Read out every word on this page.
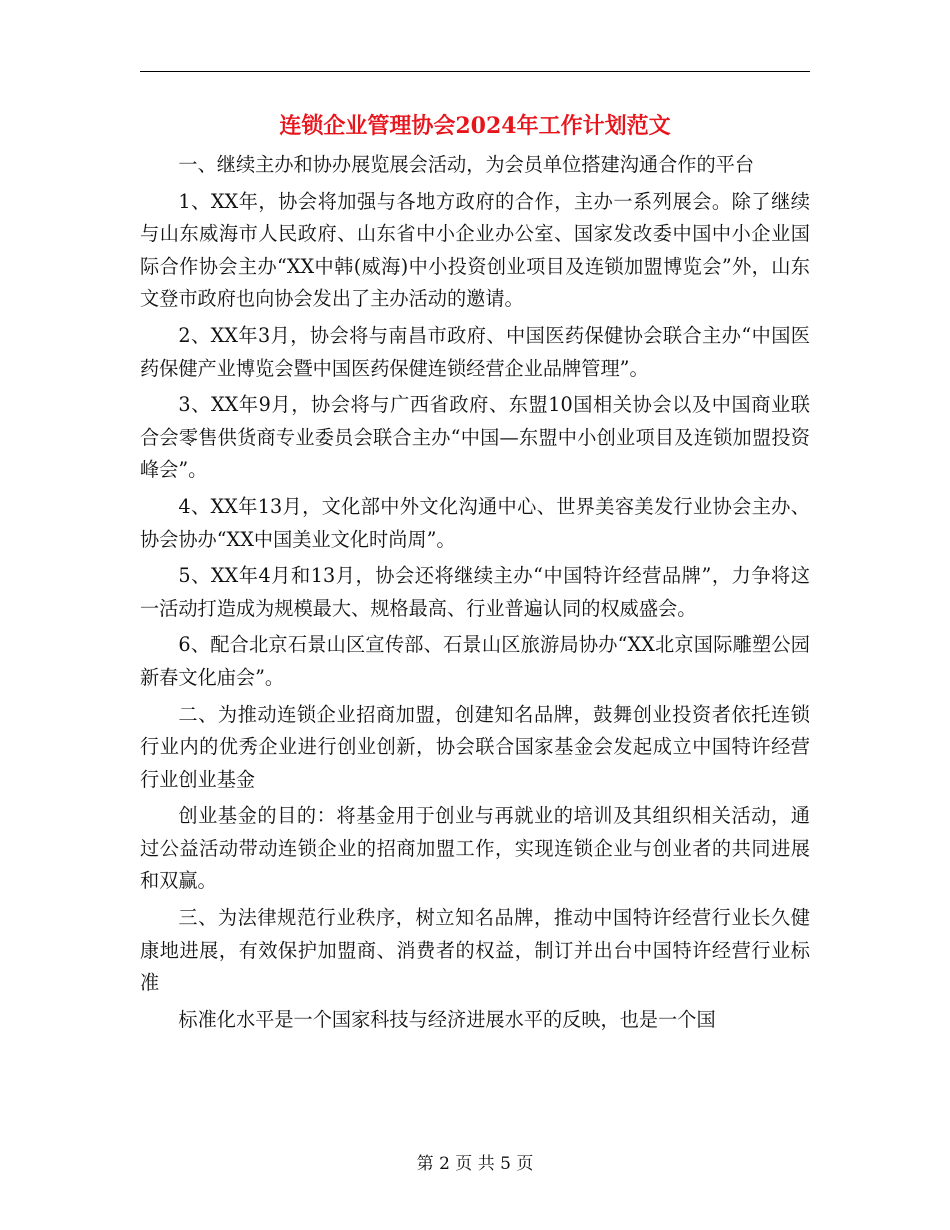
连锁企业管理协会2024年工作计划范文

一、继续主办和协办展览展会活动，为会员单位搭建沟通合作的平台

1、XX年，协会将加强与各地方政府的合作，主办一系列展会。除了继续与山东威海市人民政府、山东省中小企业办公室、国家发改委中国中小企业国际合作协会主办“XX中韩(威海)中小投资创业项目及连锁加盟博览会”外，山东文登市政府也向协会发出了主办活动的邀请。

2、XX年3月，协会将与南昌市政府、中国医药保健协会联合主办“中国医药保健产业博览会暨中国医药保健连锁经营企业品牌管理”。

3、XX年9月，协会将与广西省政府、东盟10国相关协会以及中国商业联合会零售供货商专业委员会联合主办“中国—东盟中小创业项目及连锁加盟投资峰会”。

4、XX年13月，文化部中外文化沟通中心、世界美容美发行业协会主办、协会协办“XX中国美业文化时尚周”。

5、XX年4月和13月，协会还将继续主办“中国特许经营品牌”，力争将这一活动打造成为规模最大、规格最高、行业普遍认同的权威盛会。

6、配合北京石景山区宣传部、石景山区旅游局协办“XX北京国际雕塑公园新春文化庙会”。

二、为推动连锁企业招商加盟，创建知名品牌，鼓舞创业投资者依托连锁行业内的优秀企业进行创业创新，协会联合国家基金会发起成立中国特许经营行业创业基金

创业基金的目的：将基金用于创业与再就业的培训及其组织相关活动，通过公益活动带动连锁企业的招商加盟工作，实现连锁企业与创业者的共同进展和双赢。

三、为法律规范行业秩序，树立知名品牌，推动中国特许经营行业长久健康地进展，有效保护加盟商、消费者的权益，制订并出台中国特许经营行业标准

标准化水平是一个国家科技与经济进展水平的反映，也是一个国

第 2 页 共 5 页
